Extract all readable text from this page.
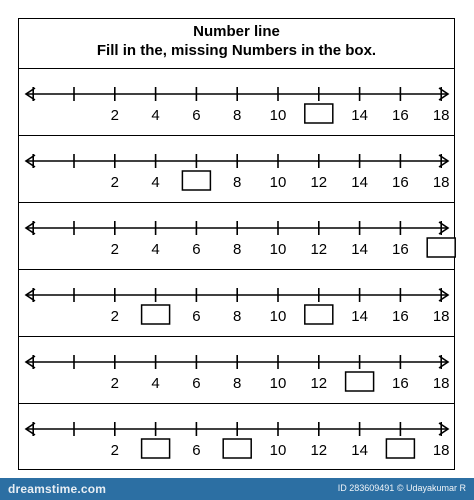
Number line
Fill in the, missing Numbers in the box.
2 4 6 8 10	14 16 18
2 4	8 10 12 14 16 18
2 4 6 8 10 12 14 16
2	6 8 10	14 16 18
2 4 6 8 10 12	16 18
2	6	10 12 14	18
dreamstime.com	ID 283609491 © Udayakumar R
